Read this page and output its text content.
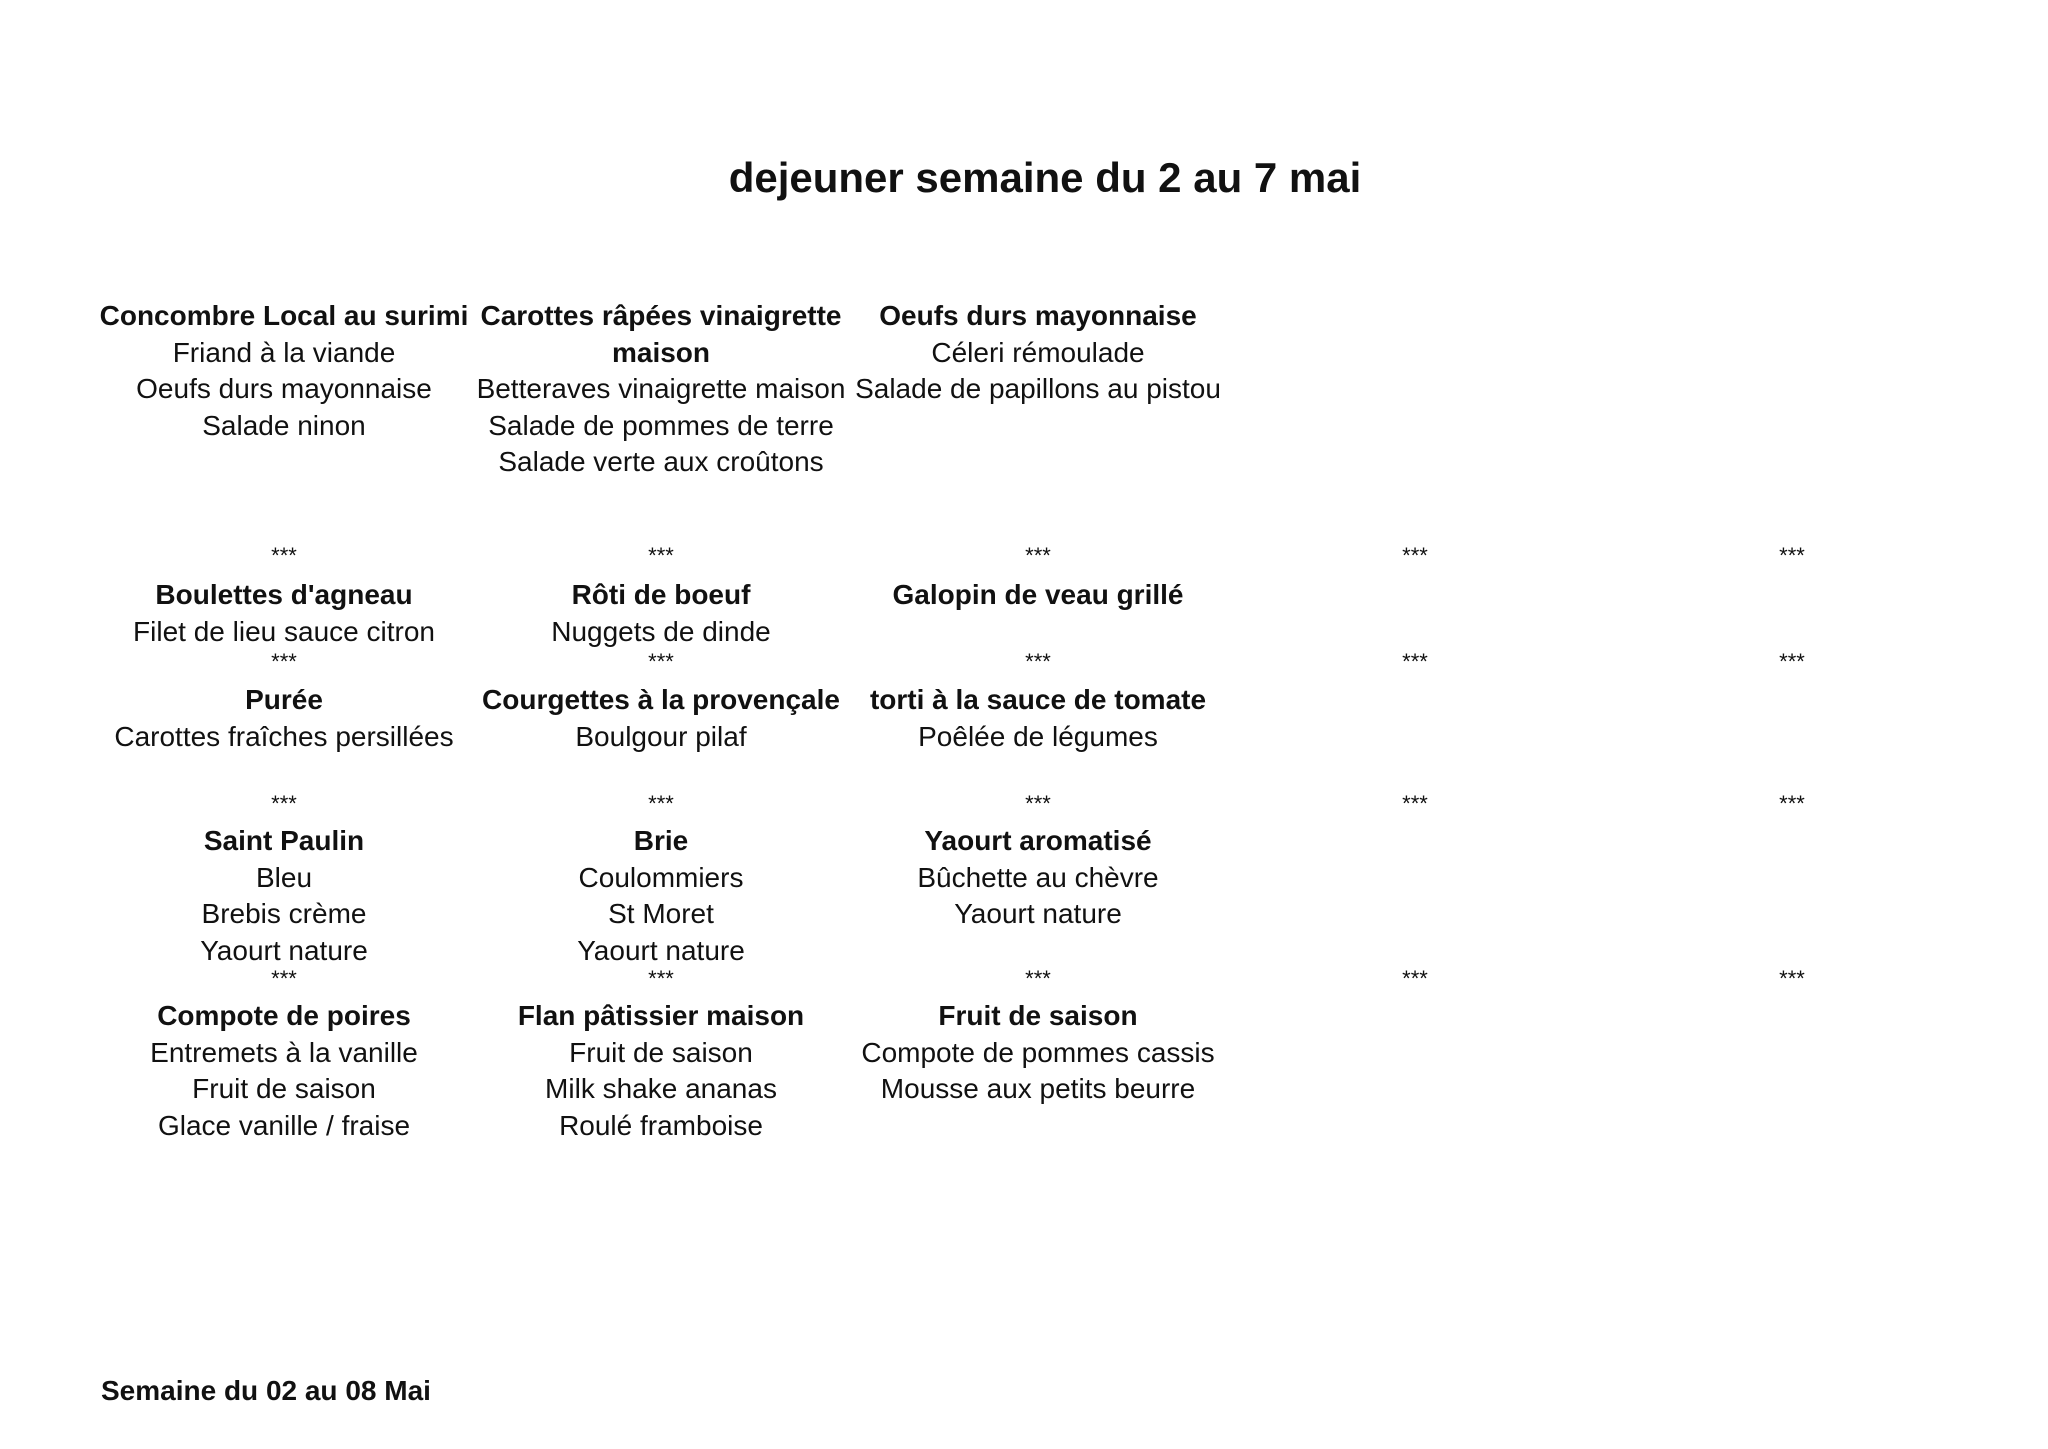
dejeuner semaine du 2 au 7 mai
Concombre Local au surimi
Friand à la viande
Oeufs durs mayonnaise
Salade ninon
***
Boulettes d'agneau
Filet de lieu sauce citron
***
Purée
Carottes fraîches persillées
***
Saint Paulin
Bleu
Brebis crème
Yaourt nature
***
Compote de poires
Entremets à la vanille
Fruit de saison
Glace vanille / fraise
Carottes râpées vinaigrette maison
Betteraves vinaigrette maison
Salade de pommes de terre
Salade verte aux croûtons
***
Rôti de boeuf
Nuggets de dinde
***
Courgettes à la provençale
Boulgour pilaf
***
Brie
Coulommiers
St Moret
Yaourt nature
***
Flan pâtissier maison
Fruit de saison
Milk shake ananas
Roulé framboise
Oeufs durs mayonnaise
Céleri rémoulade
Salade de papillons au pistou
***
Galopin de veau grillé
***
torti à la sauce de tomate
Poêlée de légumes
***
Yaourt aromatisé
Bûchette au chèvre
Yaourt nature
***
Fruit de saison
Compote de pommes cassis
Mousse aux petits beurre
***
***
***
***
***
***
***
***
Semaine du 02 au 08 Mai
